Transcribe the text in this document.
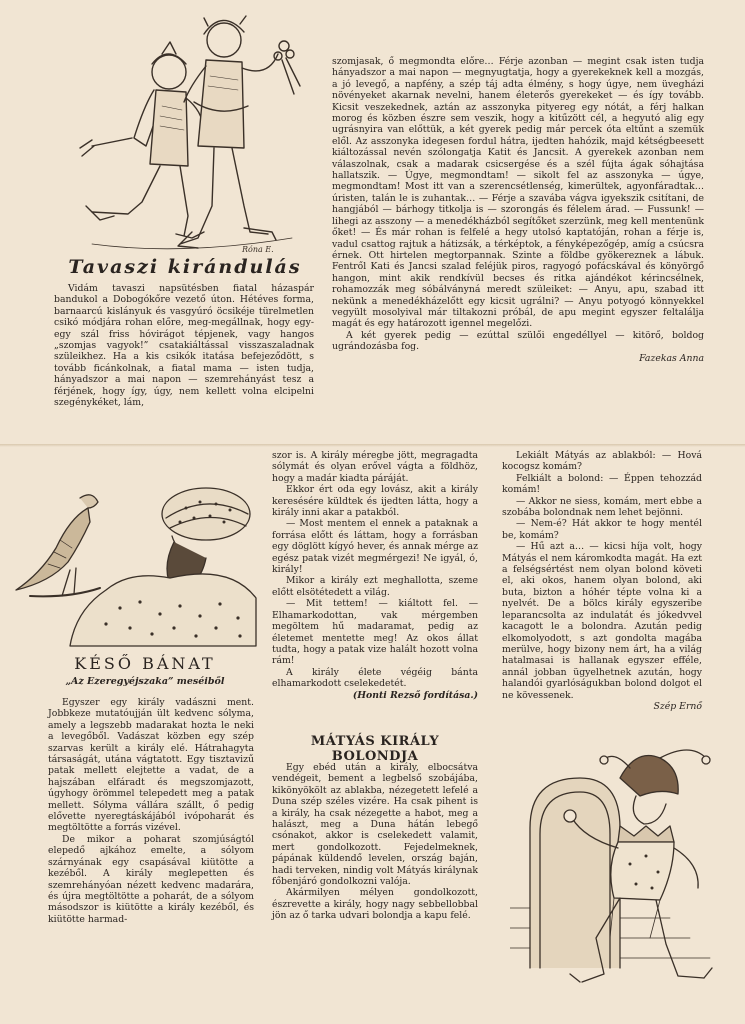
Róna E.
Tavaszi kirándulás

Vidám tavaszi napsütésben fiatal házaspár bandukol a Dobogókőre vezető úton. Hétéves forma, barnaarcú kislányuk és vasgyúró öcsikéje türelmetlen csikó módjára rohan előre, meg-megállnak, hogy egy-egy szál friss hóvirágot tépjenek, vagy hangos „szomjas vagyok!” csatakiáltással visszaszaladnak szüleikhez. Ha a kis csikók itatása befejeződött, s tovább ficánkolnak, a fiatal mama — isten tudja, hányadszor a mai napon — szemrehányást tesz a férjének, hogy így, úgy, nem kellett volna elcipelni szegénykéket, lám,

szomjasak, ő megmondta előre… Férje azonban — megint csak isten tudja hányadszor a mai napon — megnyugtatja, hogy a gyerekeknek kell a mozgás, a jó levegő, a napfény, a szép táj adta élmény, s hogy úgye, nem üvegházi növényeket akarnak nevelni, hanem életerős gyerekeket — és így tovább. Kicsit veszekednek, aztán az asszonyka pityereg egy nótát, a férj halkan morog és közben észre sem veszik, hogy a kitűzött cél, a hegyutó alig egy ugrásnyira van előttük, a két gyerek pedig már percek óta eltűnt a szemük elől. Az asszonyka idegesen fordul hátra, ijedten hahózik, majd kétségbeesett kiáltozással nevén szólongatja Katit és Jancsit. A gyerekek azonban nem válaszolnak, csak a madarak csicsergése és a szél fújta ágak sóhajtása hallatszik. — Úgye, megmondtam! — sikolt fel az asszonyka — úgye, megmondtam! Most itt van a szerencsétlenség, kimerültek, agyonfáradtak… úristen, talán le is zuhantak… — Férje a szavába vágva igyekszik csitítani, de hangjából — bárhogy titkolja is — szorongás és félelem árad. — Fussunk! — lihegi az asszony — a menedékházból segítőket szerzünk, meg kell mentenünk őket! — És már rohan is felfelé a hegy utolsó kaptatóján, rohan a férje is, vadul csattog rajtuk a hátizsák, a térképtok, a fényképezőgép, amíg a csúcsra érnek. Ott hirtelen megtorpannak. Szinte a földbe gyökereznek a lábuk. Fentről Kati és Jancsi szalad feléjük piros, ragyogó pofácskával és könyörgő hangon, mint akik rendkívül becses és ritka ajándékot kérincsélnek, rohamozzák meg sóbálványná meredt szüleiket: — Anyu, apu, szabad itt nekünk a menedékházelőtt egy kicsit ugrálni? — Anyu potyogó könnyekkel vegyült mosolyival már tiltakozni próbál, de apu megint egyszer feltalálja magát és egy határozott igennel megelőzi.

A két gyerek pedig — ezúttal szülői engedéllyel — kitörő, boldog ugrándozásba fog.

Fazekas Anna
KÉSŐ BÁNAT
„Az Ezeregyéjszaka” meséiből

Egyszer egy király vadászni ment. Jobbkeze mutatóujján ült kedvenc sólyma, amely a legszebb madarakat hozta le neki a levegőből. Vadászat közben egy szép szarvas került a király elé. Hátrahagyta társaságát, utána vágtatott. Egy tisztavizű patak mellett elejtette a vadat, de a hajszában elfáradt és megszomjazott, úgyhogy örömmel telepedett meg a patak mellett. Sólyma vállára szállt, ő pedig elővette nyeregtáskájából ivópoharát és megtöltötte a forrás vizével.

De mikor a poharat szomjúságtól elepedő ajkához emelte, a sólyom szárnyának egy csapásával kiütötte a kezéből. A király meglepetten és szemrehányóan nézett kedvenc madarára, és újra megtöltötte a poharát, de a sólyom másodszor is kiütötte a király kezéből, és kiütötte harmad-

szor is. A király méregbe jött, megragadta sólymát és olyan erővel vágta a földhöz, hogy a madár kiadta páráját.

Ekkor ért oda egy lovász, akit a király keresésére küldtek és ijedten látta, hogy a király inni akar a patakból.

— Most mentem el ennek a pataknak a forrása előtt és láttam, hogy a forrásban egy döglött kígyó hever, és annak mérge az egész patak vizét megmérgezi! Ne igyál, ó, király!

Mikor a király ezt meghallotta, szeme előtt elsötétedett a világ.

— Mit tettem! — kiáltott fel. — Elhamarkodottan, vak mérgemben megöltem hű madaramat, pedig az életemet mentette meg! Az okos állat tudta, hogy a patak vize halált hozott volna rám!

A király élete végéig bánta elhamarkodott cselekedetét.

(Honti Rezső fordítása.)
MÁTYÁS KIRÁLY BOLONDJA

Egy ebéd után a király, elbocsátva vendégeit, bement a legbelső szobájába, kikönyökölt az ablakba, nézegetett lefelé a Duna szép széles vizére. Ha csak pihent is a király, ha csak nézegette a habot, meg a halászt, meg a Duna hátán lebegő csónakot, akkor is cselekedett valamit, mert gondolkozott. Fejedelmeknek, pápának küldendő levelen, ország baján, hadi terveken, nindig volt Mátyás királynak főbenjáró gondolkozni valója.

Akármilyen mélyen gondolkozott, észrevette a király, hogy nagy sebbellobbal jön az ő tarka udvari bolondja a kapu felé.

Lekiált Mátyás az ablakból: — Hová kocogsz komám?

Felkiált a bolond: — Éppen tehozzád komám!

— Akkor ne siess, komám, mert ebbe a szobába bolondnak nem lehet bejönni.

— Nem-é? Hát akkor te hogy mentél be, komám?

— Hű azt a… — kicsi híja volt, hogy Mátyás el nem káromkodta magát. Ha ezt a felségsértést nem olyan bolond követi el, aki okos, hanem olyan bolond, aki buta, bizton a hóhér tépte volna ki a nyelvét. De a bölcs király egyszeribe leparancsolta az indulatát és jókedvvel kacagott le a bolondra. Azután pedig elkomolyodott, s azt gondolta magába merülve, hogy bizony nem árt, ha a világ hatalmasai is hallanak egyszer efféle, annál jobban ügyelhetnek azután, hogy halandói gyarlóságukban bolond dolgot el ne kövessenek.

Szép Ernő
